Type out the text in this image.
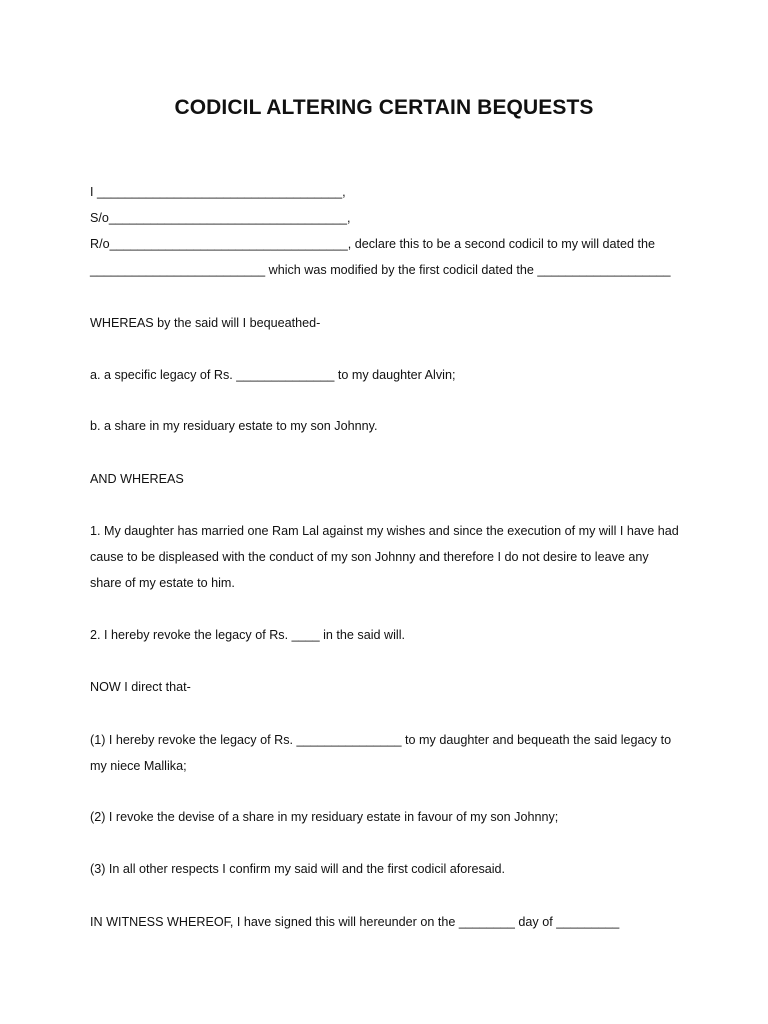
CODICIL ALTERING CERTAIN BEQUESTS

I ___________________________________,

S/o__________________________________,

R/o__________________________________, declare this to be a second codicil to my will dated the

_________________________ which was modified by the first codicil dated the ___________________

WHEREAS by the said will I bequeathed-

a. a specific legacy of Rs. ______________ to my daughter Alvin;

b. a share in my residuary estate to my son Johnny.

AND WHEREAS

1. My daughter has married one Ram Lal against my wishes and since the execution of my will I have had

cause to be displeased with the conduct of my son Johnny and therefore I do not desire to leave any

share of my estate to him.

2. I hereby revoke the legacy of Rs. ____ in the said will.

NOW I direct that-

(1) I hereby revoke the legacy of Rs. _______________ to my daughter and bequeath the said legacy to

my niece Mallika;

(2) I revoke the devise of a share in my residuary estate in favour of my son Johnny;

(3) In all other respects I confirm my said will and the first codicil aforesaid.

IN WITNESS WHEREOF, I have signed this will hereunder on the ________ day of _________
